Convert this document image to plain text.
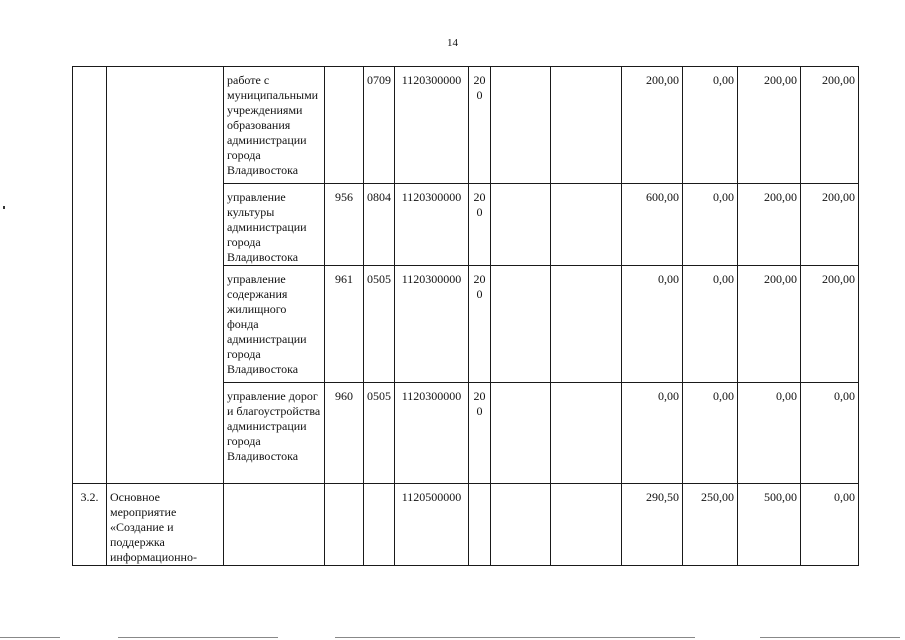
14
		работе с муниципальными учреждениями образования администрации города Владивостока		0709	1120300000	200			200,00	0,00	200,00	200,00
		управление культуры администрации города Владивостока	956	0804	1120300000	200			600,00	0,00	200,00	200,00
		управление содержания жилищного фонда администрации города Владивостока	961	0505	1120300000	200			0,00	0,00	200,00	200,00
		управление дорог и благоустройства администрации города Владивостока	960	0505	1120300000	200			0,00	0,00	0,00	0,00
3.2.	Основное мероприятие «Создание и поддержка информационно-				1120500000				290,50	250,00	500,00	0,00
